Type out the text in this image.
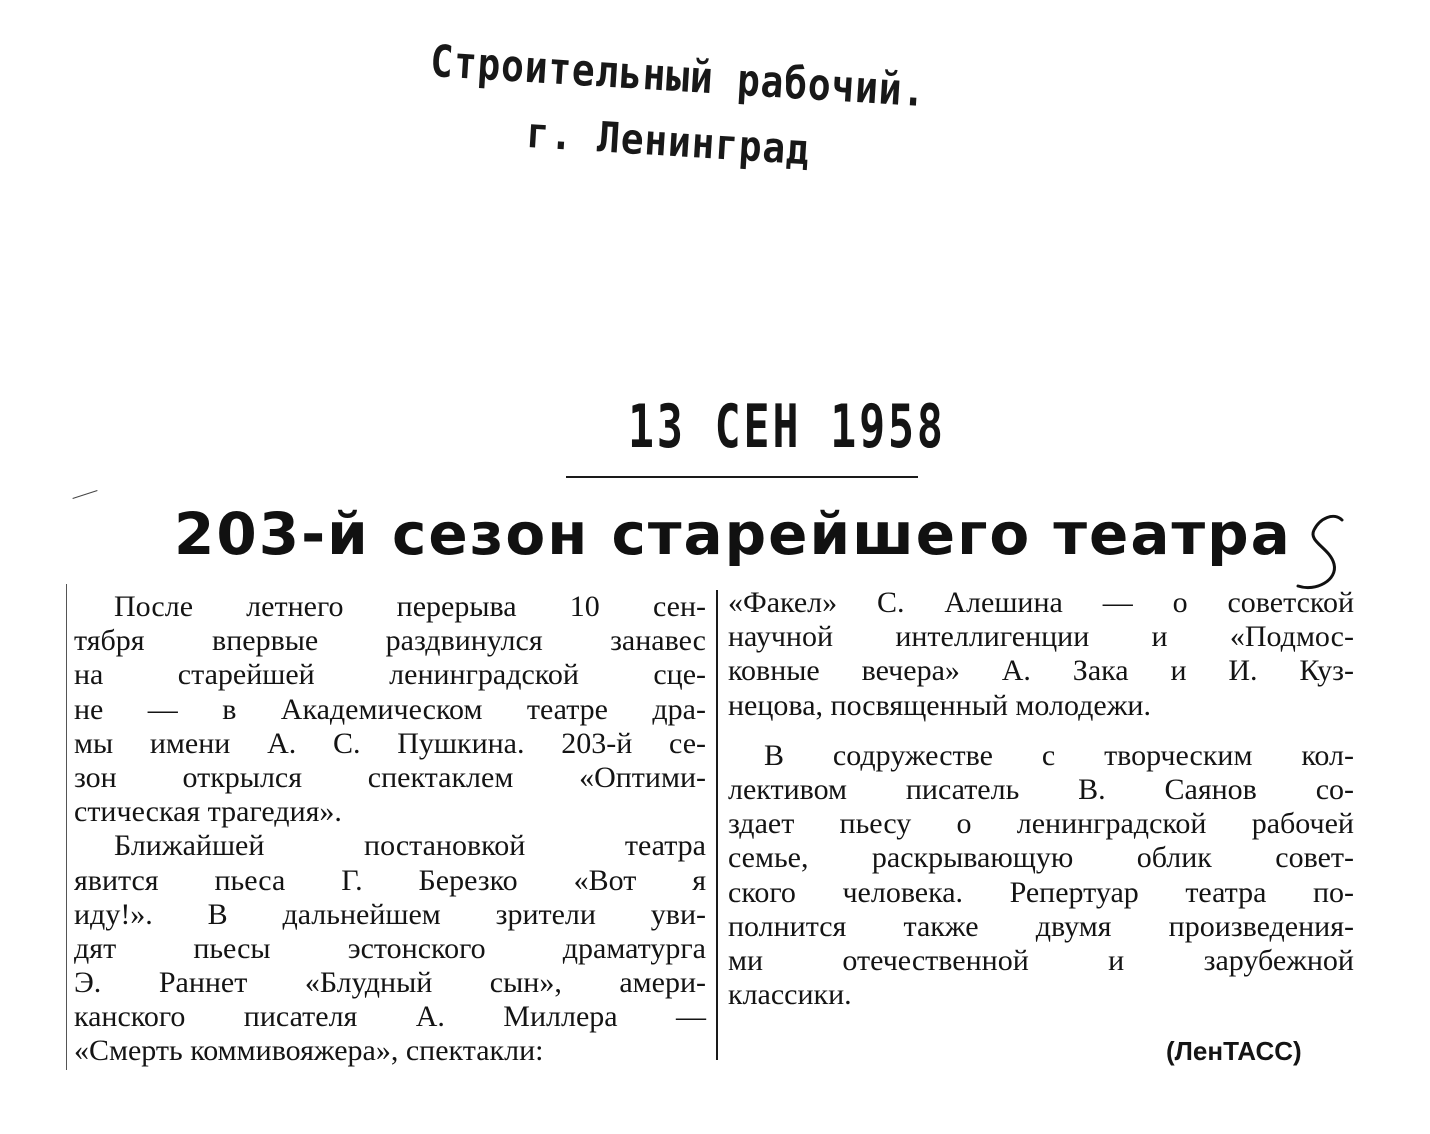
Строительный рабочий.
г. Ленинград
13 СЕН 1958
203-й сезон старейшего театра
После летнего перерыва 10 сен-
тября впервые раздвинулся занавес
на старейшей ленинградской сце-
не — в Академическом театре дра-
мы имени А. С. Пушкина. 203-й се-
зон открылся спектаклем «Оптими-
стическая трагедия».
Ближайшей постановкой театра
явится пьеса Г. Березко «Вот я
иду!». В дальнейшем зрители уви-
дят пьесы эстонского драматурга
Э. Раннет «Блудный сын», амери-
канского писателя А. Миллера —
«Смерть коммивояжера», спектакли:
«Факел» С. Алешина — о советской
научной интеллигенции и «Подмос-
ковные вечера» А. Зака и И. Куз-
нецова, посвященный молодежи.
В содружестве с творческим кол-
лективом писатель В. Саянов со-
здает пьесу о ленинградской рабочей
семье, раскрывающую облик совет-
ского человека. Репертуар театра по-
полнится также двумя произведения-
ми отечественной и зарубежной
классики.
(ЛенТАСС)
